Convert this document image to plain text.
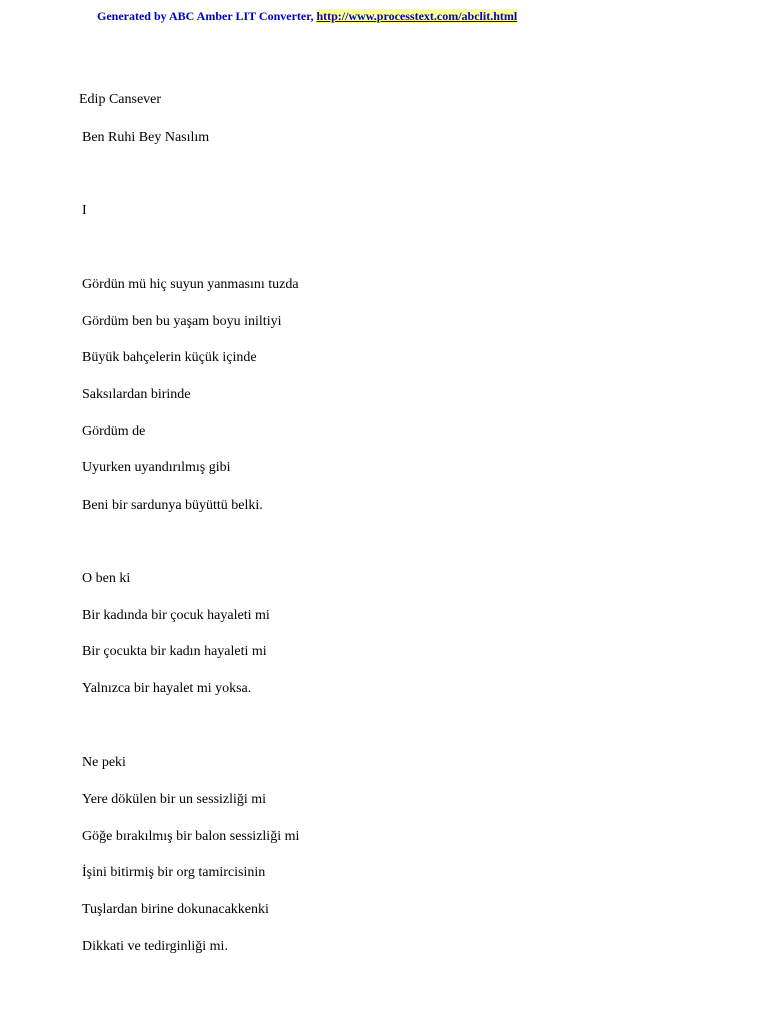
Generated by ABC Amber LIT Converter, http://www.processtext.com/abclit.html
Edip Cansever
Ben Ruhi Bey Nasılım
I
Gördün mü hiç suyun yanmasını tuzda
Gördüm ben bu yaşam boyu iniltiyi
Büyük bahçelerin küçük içinde
Saksılardan birinde
Gördüm de
Uyurken uyandırılmış gibi
Beni bir sardunya büyüttü belki.
O ben ki
Bir kadında bir çocuk hayaleti mi
Bir çocukta bir kadın hayaleti mi
Yalnızca bir hayalet mi yoksa.
Ne peki
Yere dökülen bir un sessizliği mi
Göğe bırakılmış bir balon sessizliği mi
İşini bitirmiş bir org tamircisinin
Tuşlardan birine dokunacakkenki
Dikkati ve tedirginliği mi.
